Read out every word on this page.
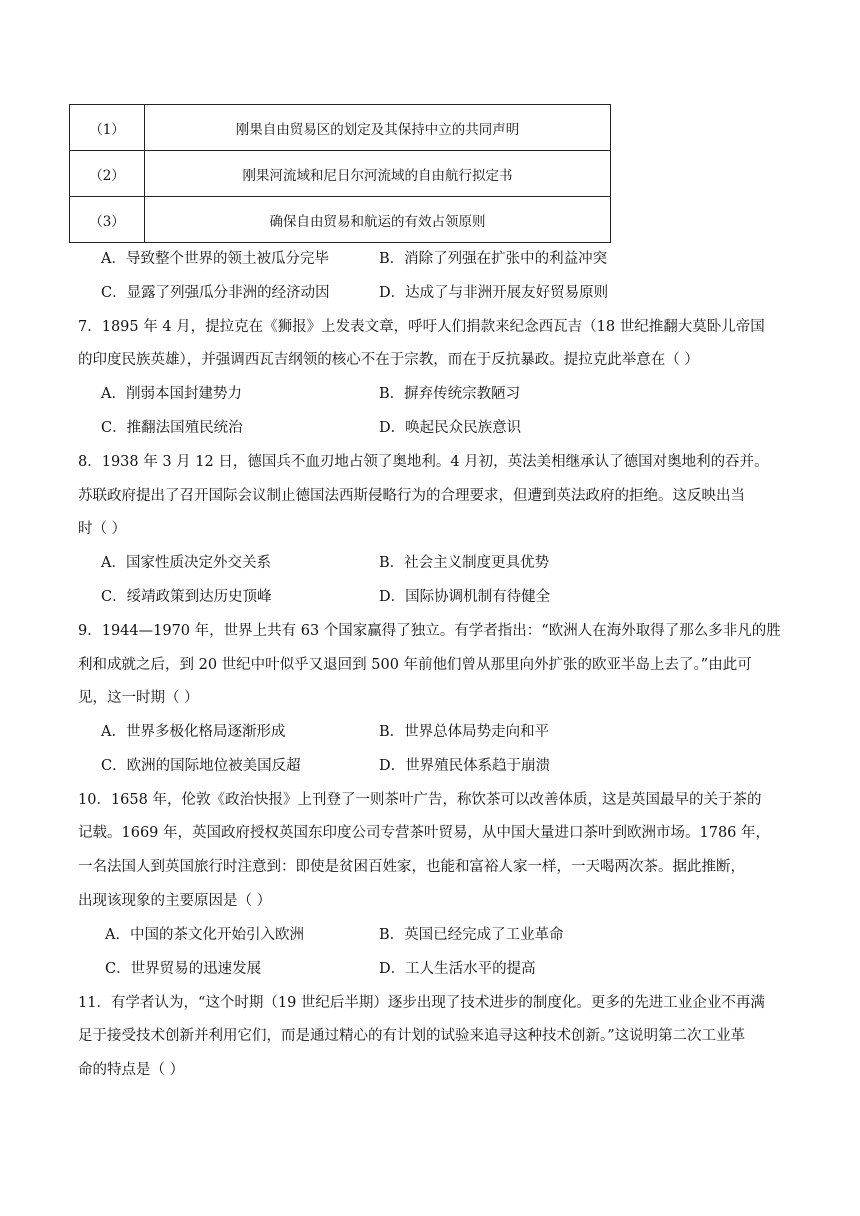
（1）	刚果自由贸易区的划定及其保持中立的共同声明
（2）	刚果河流域和尼日尔河流域的自由航行拟定书
（3）	确保自由贸易和航运的有效占领原则
A．导致整个世界的领土被瓜分完毕	B．消除了列强在扩张中的利益冲突
C．显露了列强瓜分非洲的经济动因	D．达成了与非洲开展友好贸易原则
7．1895 年 4 月，提拉克在《狮报》上发表文章，呼吁人们捐款来纪念西瓦吉（18 世纪推翻大莫卧儿帝国
的印度民族英雄），并强调西瓦吉纲领的核心不在于宗教，而在于反抗暴政。提拉克此举意在（ ）
A．削弱本国封建势力	B．摒弃传统宗教陋习
C．推翻法国殖民统治	D．唤起民众民族意识
8．1938 年 3 月 12 日，德国兵不血刃地占领了奥地利。4 月初，英法美相继承认了德国对奥地利的吞并。
苏联政府提出了召开国际会议制止德国法西斯侵略行为的合理要求，但遭到英法政府的拒绝。这反映出当
时（ ）
A．国家性质决定外交关系	B．社会主义制度更具优势
C．绥靖政策到达历史顶峰	D．国际协调机制有待健全
9．1944—1970 年，世界上共有 63 个国家赢得了独立。有学者指出：“欧洲人在海外取得了那么多非凡的胜
利和成就之后，到 20 世纪中叶似乎又退回到 500 年前他们曾从那里向外扩张的欧亚半岛上去了。”由此可
见，这一时期（ ）
A．世界多极化格局逐渐形成	B．世界总体局势走向和平
C．欧洲的国际地位被美国反超	D．世界殖民体系趋于崩溃
10．1658 年，伦敦《政治快报》上刊登了一则茶叶广告，称饮茶可以改善体质，这是英国最早的关于茶的
记载。1669 年，英国政府授权英国东印度公司专营茶叶贸易，从中国大量进口茶叶到欧洲市场。1786 年，
一名法国人到英国旅行时注意到：即使是贫困百姓家，也能和富裕人家一样，一天喝两次茶。据此推断，
出现该现象的主要原因是（ ）
A．中国的茶文化开始引入欧洲	B．英国已经完成了工业革命
C．世界贸易的迅速发展	D．工人生活水平的提高
11．有学者认为，“这个时期（19 世纪后半期）逐步出现了技术进步的制度化。更多的先进工业企业不再满
足于接受技术创新并利用它们，而是通过精心的有计划的试验来追寻这种技术创新。”这说明第二次工业革
命的特点是（ ）
